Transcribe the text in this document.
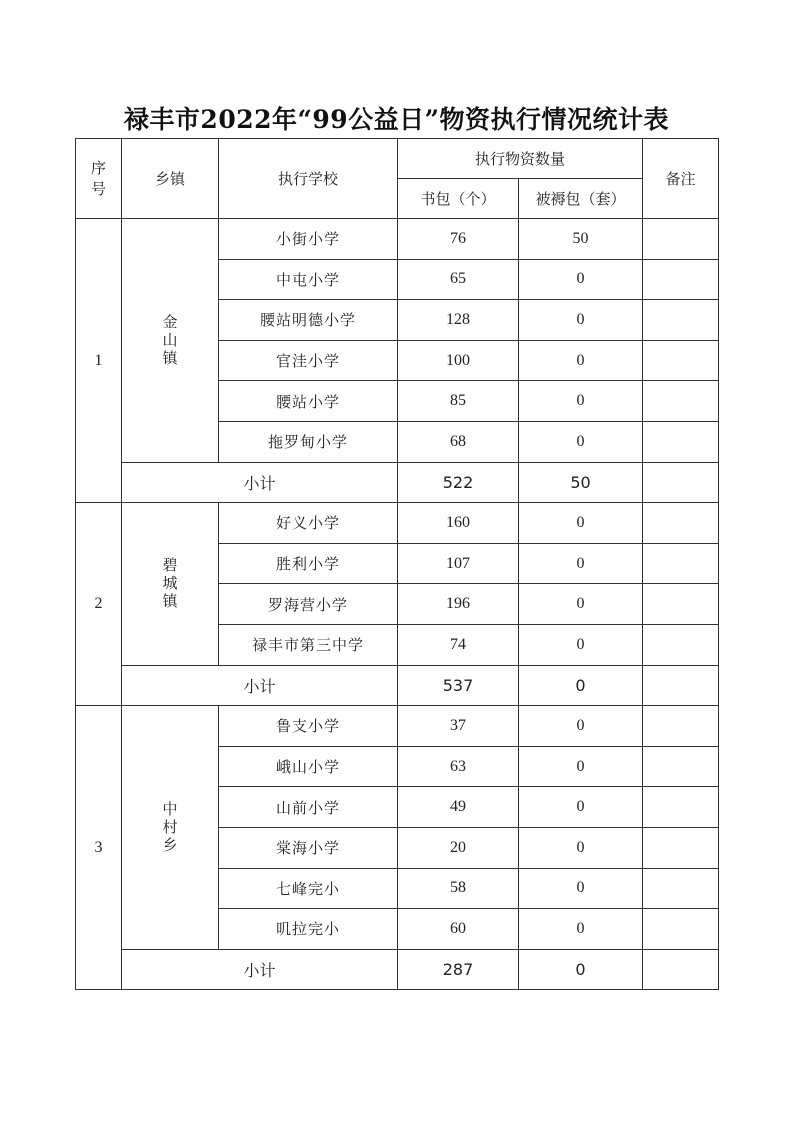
禄丰市2022年“99公益日”物资执行情况统计表
序号	乡镇	执行学校	执行物资数量		备注
			书包（个）	被褥包（套）	
1	金山镇	小街小学	76	50	
		中屯小学	65	0	
		腰站明德小学	128	0	
		官洼小学	100	0	
		腰站小学	85	0	
		拖罗甸小学	68	0	
	小计		522	50	
2	碧城镇	好义小学	160	0	
		胜利小学	107	0	
		罗海营小学	196	0	
		禄丰市第三中学	74	0	
	小计		537	0	
3	中村乡	鲁支小学	37	0	
		峨山小学	63	0	
		山前小学	49	0	
		棠海小学	20	0	
		七峰完小	58	0	
		叽拉完小	60	0	
	小计		287	0	
